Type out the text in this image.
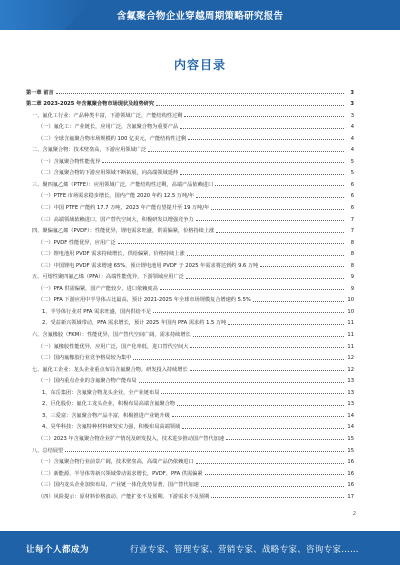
含氟聚合物企业穿越周期策略研究报告
内容目录
第一章 前言	3
第二章 2023-2025 年含氟聚合物市场现状及趋势研究	3
一、氟化工行业：产品种类丰富，下游领域广泛，产能结构性过剩	3
（一）氟化工：产业链长，应用广泛，含氟聚合物为重要产品	4
（二）全球含氟聚合物市场规模约 100 亿美元，产能结构性过剩	4
二、含氟聚合物：技术壁垒高，下游应用领域广泛	4
（一）含氟聚合物性能优异	5
（二）含氟聚合物的下游应用领域不断拓展，向高端领域延伸	5
三、聚四氟乙烯（PTFE）：应用领域广泛，产能结构性过剩，高端产品依赖进口	6
（一）PTFE 市场需求稳步增长，国内产能 2020 年约 12.5 万吨/年	6
（二）中国 PTFE 产能约 17.7 万吨，2023 年产能有望提升至 19 万吨/年	6
（三）高端领域依赖进口，国产替代空间大，积极研发以增强竞争力	7
四、聚偏氟乙烯（PVDF）：性能优异，锂电需求旺盛，供需偏紧，价格持续上涨	7
（一）PVDF 性能优异，应用广泛	8
（二）锂电池用 PVDF 需求持续增长，供给偏紧，价格持续上涨	8
（三）中国锂电 PVDF 需求增速 65%，预计锂电池用 PVDF 于 2025 年需求将达到约 9.6 万吨	8
五、可熔性聚四氟乙烯（PFA）：高端性能优异，下游领域应用广泛	9
（一）PFA 供需偏紧，国产产能较少，进口依赖度高	9
（二）PFA 下游应用中半导体占比最高，预计 2021-2025 年全球市场规模复合增速约 5.5%	10
1、半导体行业对 PFA 需求旺盛，国内供给不足	10
2、受益新兴领域带动，PFA 需求增长，预计 2025 年国内 PFA 需求约 1.5 万吨	11
六、含氟橡胶（FKM）：性能优异，国产替代空间广阔，需求持续增长	11
（一）氟橡胶性能优异，应用广泛，国产化率低，进口替代空间大	11
（二）国内氟橡胶行业竞争格局较为集中	12
七、氟化工企业：龙头企业重点布局含氟聚合物，研发投入持续增长	12
（一）国内重点企业的含氟聚合物产能布局	13
1、东岳集团：含氟聚合物龙头企业，全产业链布局	13
2、巨化股份：氟化工龙头企业，积极布局高端含氟聚合物	13
3、三爱富：含氟聚合物产品丰富，积极推进产业链升级	14
4、昊华科技：含氟特种材料研发实力强，积极布局高端领域	14
（二）2023 年含氟聚合物企业扩产情况及研发投入，技术进步推动国产替代加速	15
八、总结展望	15
（一）含氟聚合物行业前景广阔，技术壁垒高，高端产品仍依赖进口	16
（二）新能源、半导体等新兴领域带动需求增长，PVDF、PFA 供需偏紧	16
（三）国内龙头企业加快布局，产业链一体化优势显著，国产替代加速	16
（四）风险提示：原材料价格波动、产能扩张不及预期、下游需求不及预期	17
2
让每个人都成为	行业专家、管理专家、营销专家、战略专家、咨询专家……
